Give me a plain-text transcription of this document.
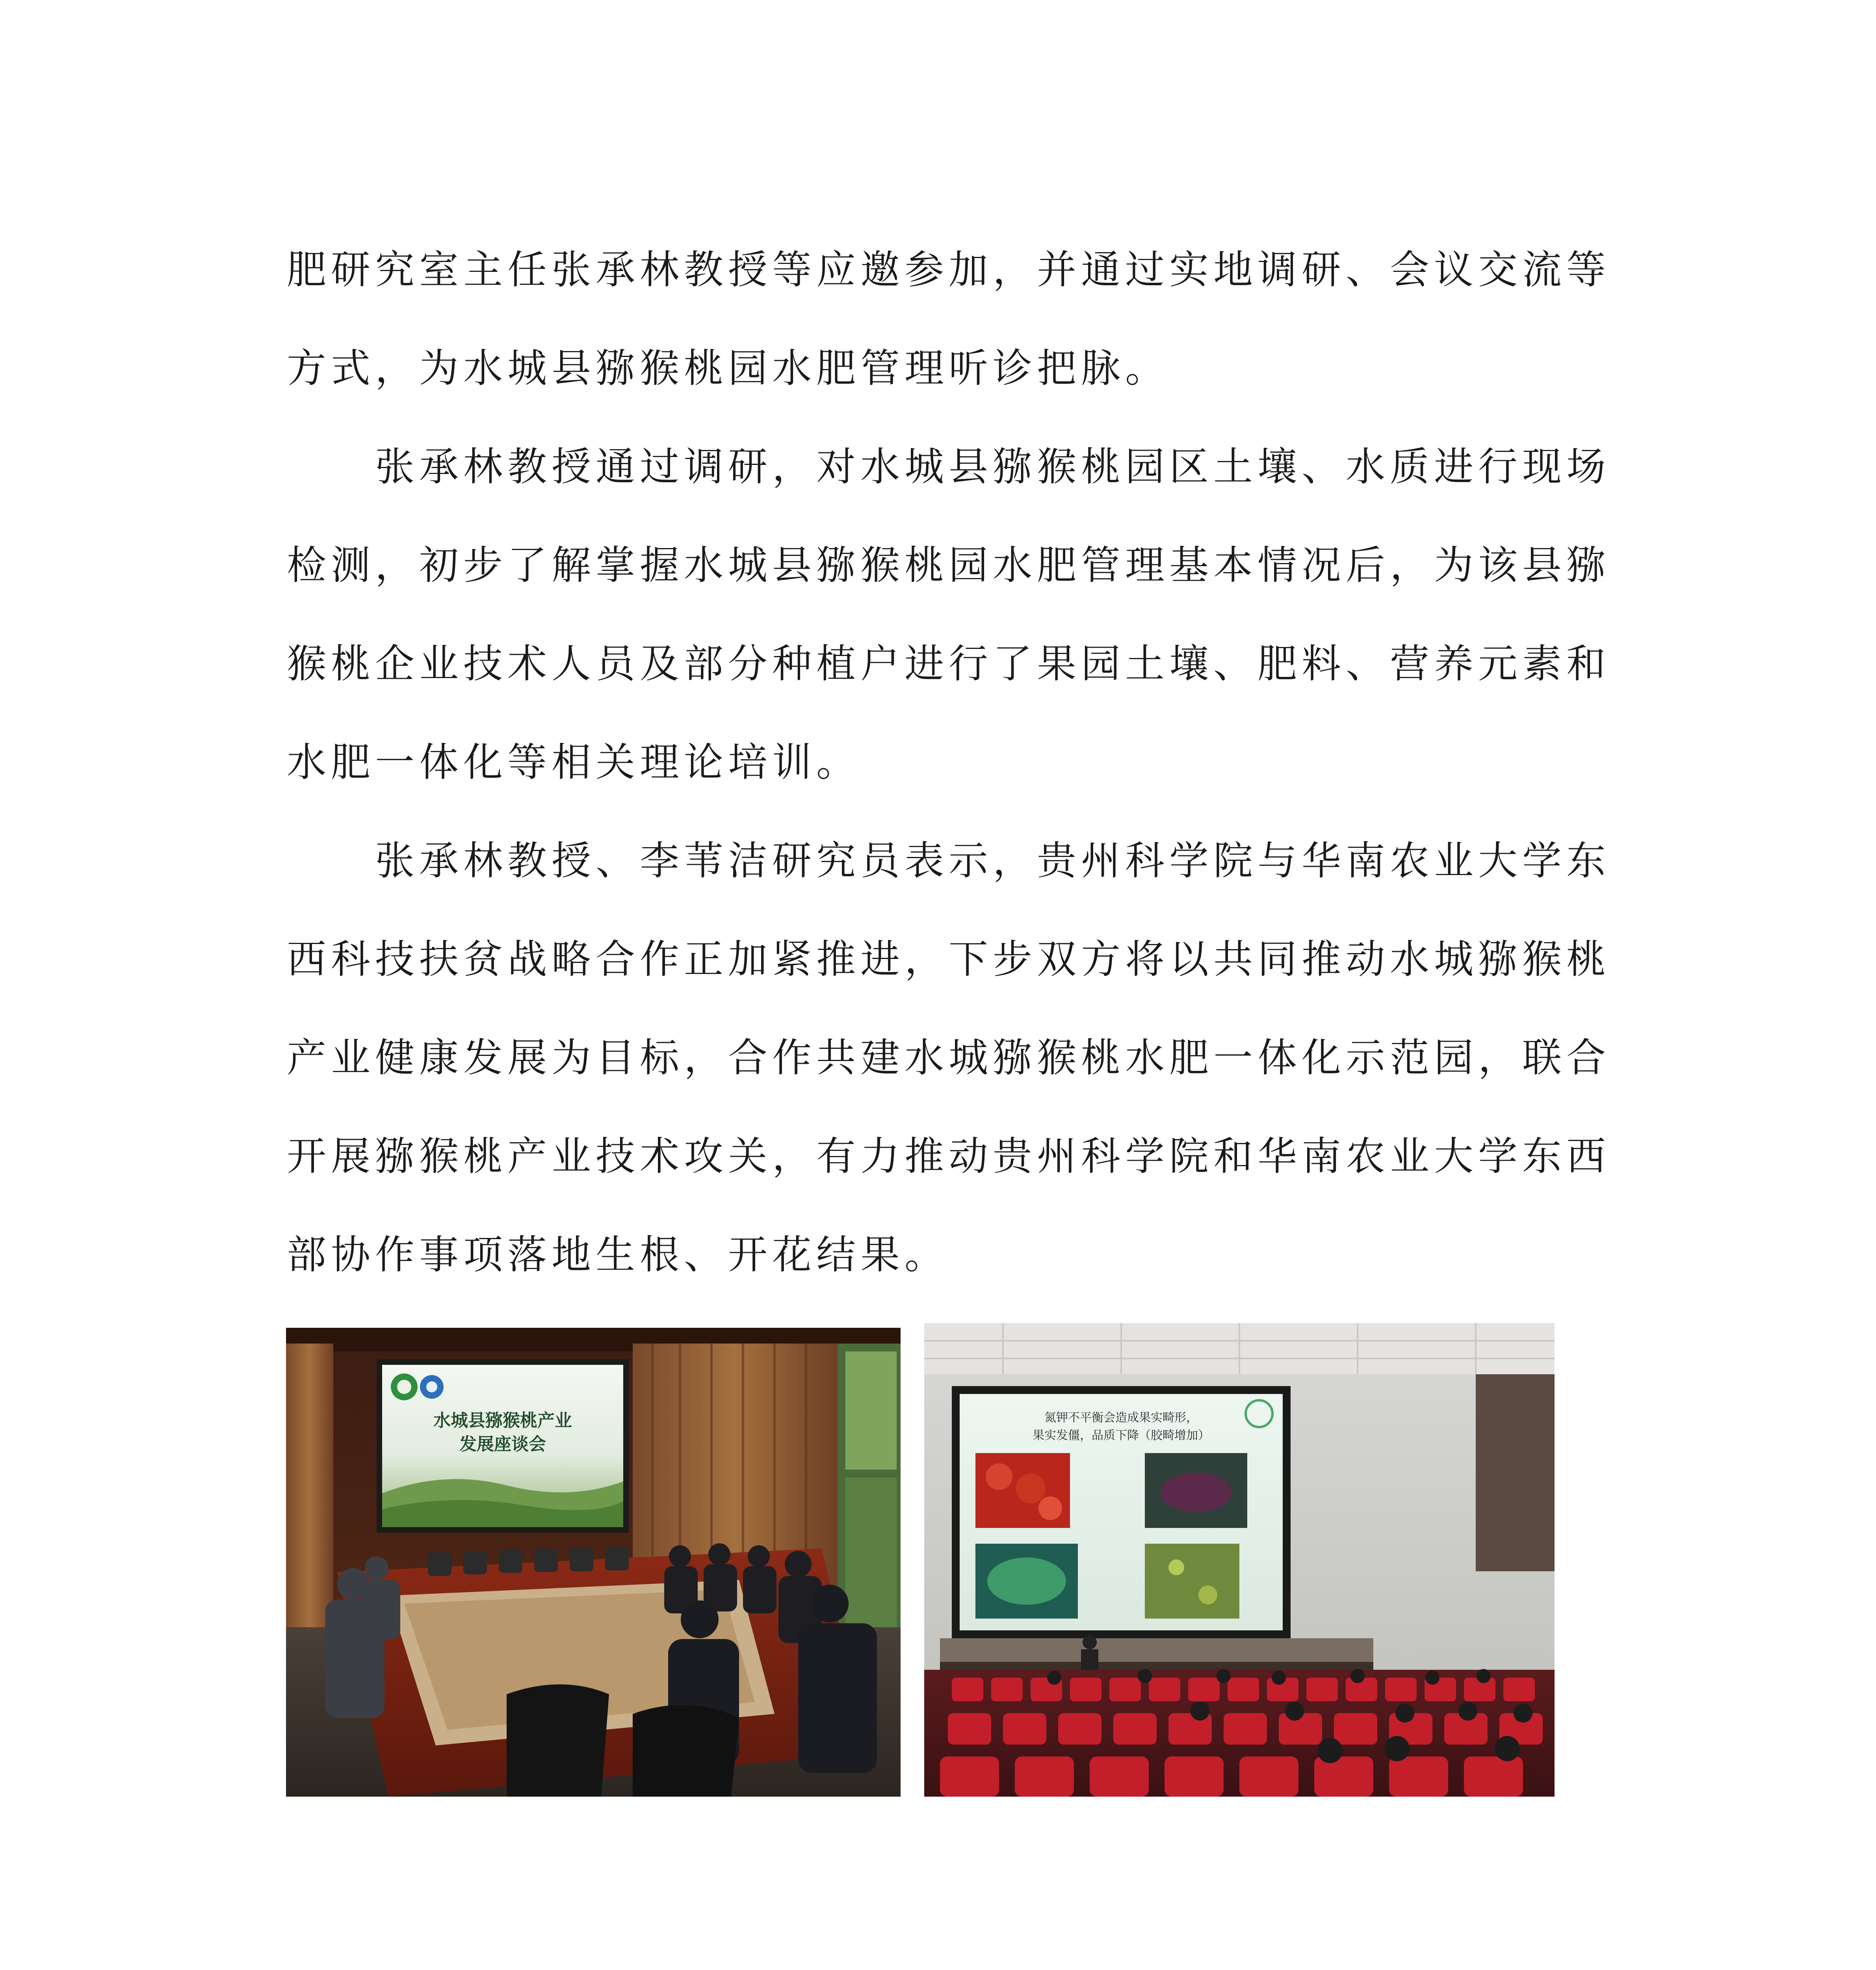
肥研究室主任张承林教授等应邀参加，并通过实地调研、会议交流等方式，为水城县猕猴桃园水肥管理听诊把脉。

张承林教授通过调研，对水城县猕猴桃园区土壤、水质进行现场检测，初步了解掌握水城县猕猴桃园水肥管理基本情况后，为该县猕猴桃企业技术人员及部分种植户进行了果园土壤、肥料、营养元素和水肥一体化等相关理论培训。

张承林教授、李苇洁研究员表示，贵州科学院与华南农业大学东西科技扶贫战略合作正加紧推进，下步双方将以共同推动水城猕猴桃产业健康发展为目标，合作共建水城猕猴桃水肥一体化示范园，联合开展猕猴桃产业技术攻关，有力推动贵州科学院和华南农业大学东西部协作事项落地生根、开花结果。

水城县猕猴桃产业
发展座谈会
氮钾不平衡会造成果实畸形，
果实发僵，品质下降（胶畸增加）
